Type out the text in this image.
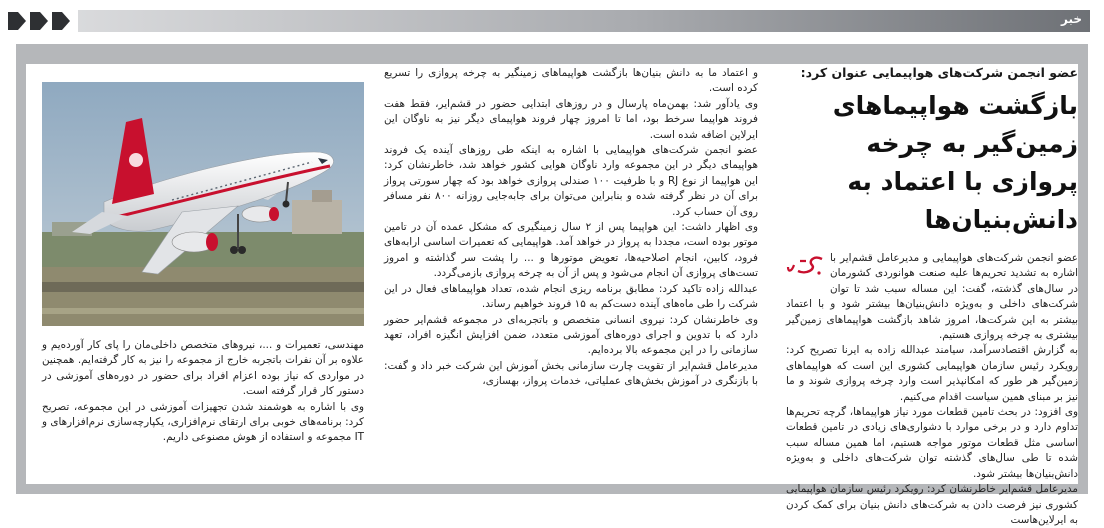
خبر

عضو انجمن شرکت‌های هواپیمایی عنوان کرد:

بازگشت هواپیماهای زمین‌گیر به چرخه پروازی با اعتماد به دانش‌بنیان‌ها

عضو انجمن شرکت‌های هواپیمایی و مدیرعامل قشم‌ایر با اشاره به تشدید تحریم‌ها علیه صنعت هوانوردی کشورمان در سال‌های گذشته، گفت: این مساله سبب شد تا توان شرکت‌های داخلی و به‌ویژه دانش‌بنیان‌ها بیشتر شود و با اعتماد بیشتر به این شرکت‌ها، امروز شاهد بازگشت هواپیماهای زمین‌گیر بیشتری به چرخه پروازی هستیم.

به گزارش اقتصادسرآمد، سیامند عبدالله زاده به ایرنا تصریح کرد: رویکرد رئیس سازمان هواپیمایی کشوری این است که هواپیماهای زمین‌گیر هر طور که امکانپذیر است وارد چرخه پروازی شوند و ما نیز بر مبنای همین سیاست اقدام می‌کنیم.

وی افزود: در بحث تامین قطعات مورد نیاز هواپیماها، گرچه تحریم‌ها تداوم دارد و در برخی موارد با دشواری‌های زیادی در تامین قطعات اساسی مثل قطعات موتور مواجه هستیم، اما همین مساله سبب شده تا طی سال‌های گذشته توان شرکت‌های داخلی و به‌ویژه دانش‌بنیان‌ها بیشتر شود.

مدیرعامل قشم‌ایر خاطرنشان کرد: رویکرد رئیس سازمان هواپیمایی کشوری نیز فرصت دادن به شرکت‌های دانش بنیان برای کمک کردن به ایرلاین‌هاست

و اعتماد ما به دانش بنیان‌ها بازگشت هواپیماهای زمینگیر به چرخه پروازی را تسریع کرده است.

وی یادآور شد: بهمن‌ماه پارسال و در روزهای ابتدایی حضور در قشم‌ایر، فقط هفت فروند هواپیما سرخط بود، اما تا امروز چهار فروند هواپیمای دیگر نیز به ناوگان این ایرلاین اضافه شده است.

عضو انجمن شرکت‌های هواپیمایی با اشاره به اینکه طی روزهای آینده یک فروند هواپیمای دیگر در این مجموعه وارد ناوگان هوایی کشور خواهد شد، خاطرنشان کرد: این هواپیما از نوع RJ و با ظرفیت ۱۰۰ صندلی پروازی خواهد بود که چهار سورتی پرواز برای آن در نظر گرفته شده و بنابراین می‌توان برای جابه‌جایی روزانه ۸۰۰ نفر مسافر روی آن حساب کرد.

وی اظهار داشت: این هواپیما پس از ۲ سال زمینگیری که مشکل عمده آن در تامین موتور بوده است، مجددا به پرواز در خواهد آمد. هواپیمایی که تعمیرات اساسی ارابه‌های فرود، کابین، انجام اصلاحیه‌ها، تعویض موتورها و ... را پشت سر گذاشته و امروز تست‌های پروازی آن انجام می‌شود و پس از آن به چرخه پروازی بازمی‌گردد.

عبدالله زاده تاکید کرد: مطابق برنامه ریزی انجام شده، تعداد هواپیماهای فعال در این شرکت را طی ماه‌های آینده دست‌کم به ۱۵ فروند خواهیم رساند.

وی خاطرنشان کرد: نیروی انسانی متخصص و باتجربه‌ای در مجموعه قشم‌ایر حضور دارد که با تدوین و اجرای دوره‌های آموزشی متعدد، ضمن افزایش انگیزه افراد، تعهد سازمانی را در این مجموعه بالا برده‌ایم.

مدیرعامل قشم‌ایر از تقویت چارت سازمانی بخش آموزش این شرکت خبر داد و گفت: با بازنگری در آموزش بخش‌های عملیاتی، خدمات پرواز، بهسازی،

مهندسی، تعمیرات و ...، نیروهای متخصص داخلی‌مان را پای کار آورده‌یم و علاوه بر آن نفرات باتجربه خارج از مجموعه را نیز به کار گرفته‌ایم. همچنین در مواردی که نیاز بوده اعزام افراد برای حضور در دوره‌های آموزشی در دستور کار قرار گرفته است.

وی با اشاره به هوشمند شدن تجهیزات آموزشی در این مجموعه، تصریح کرد: برنامه‌های خوبی برای ارتقای نرم‌افزاری، یکپارچه‌سازی نرم‌افزارهای و IT مجموعه و استفاده از هوش مصنوعی داریم.
